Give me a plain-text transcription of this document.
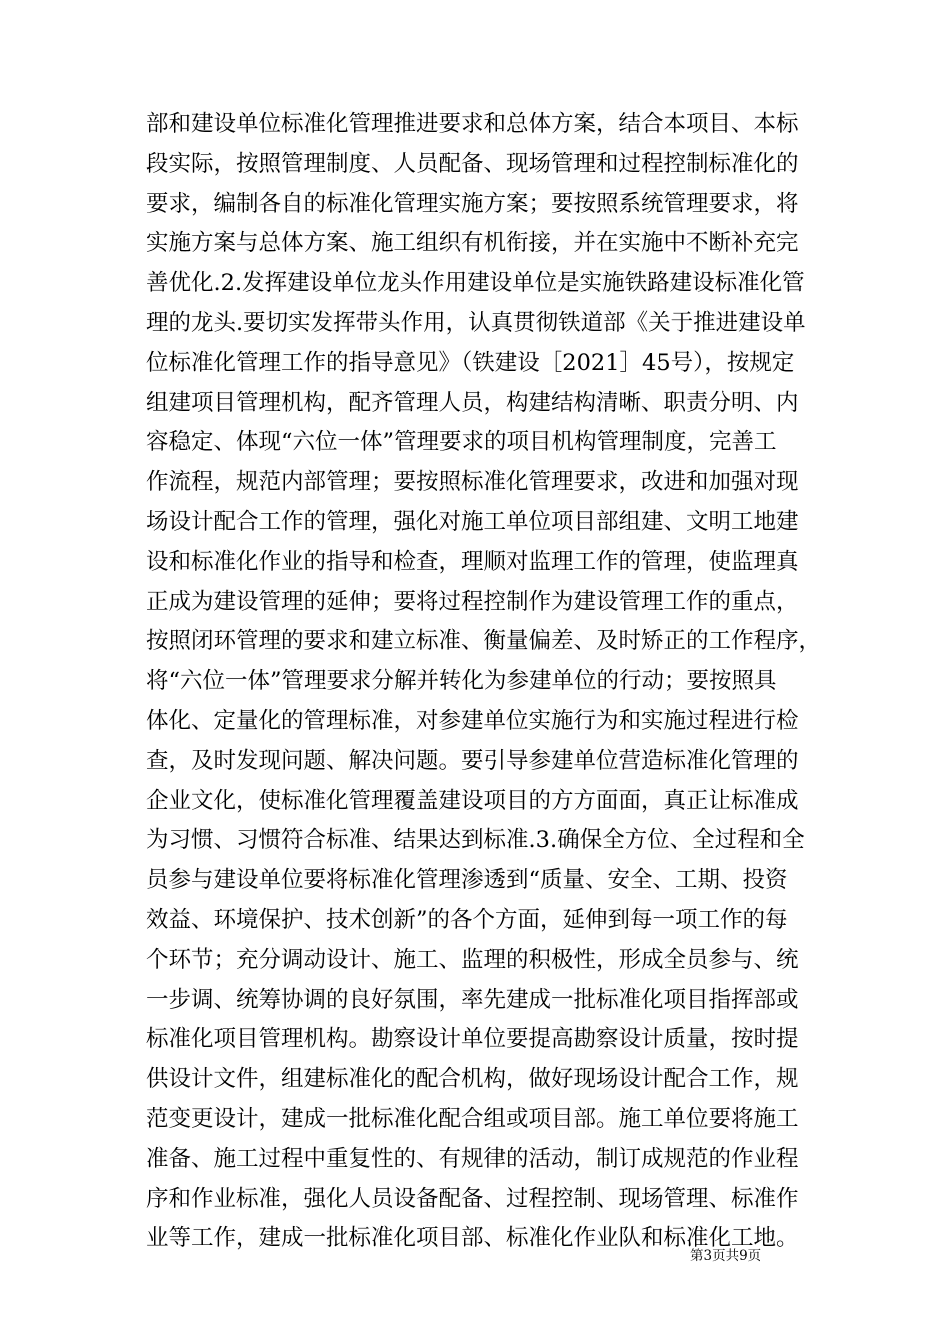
部和建设单位标准化管理推进要求和总体方案，结合本项目、本标
段实际，按照管理制度、人员配备、现场管理和过程控制标准化的
要求，编制各自的标准化管理实施方案；要按照系统管理要求，将
实施方案与总体方案、施工组织有机衔接，并在实施中不断补充完
善优化.2.发挥建设单位龙头作用建设单位是实施铁路建设标准化管
理的龙头.要切实发挥带头作用，认真贯彻铁道部《关于推进建设单
位标准化管理工作的指导意见》（铁建设［2021］45号），按规定
组建项目管理机构，配齐管理人员，构建结构清晰、职责分明、内
容稳定、体现“六位一体”管理要求的项目机构管理制度，完善工
作流程，规范内部管理；要按照标准化管理要求，改进和加强对现
场设计配合工作的管理，强化对施工单位项目部组建、文明工地建
设和标准化作业的指导和检查，理顺对监理工作的管理，使监理真
正成为建设管理的延伸；要将过程控制作为建设管理工作的重点，
按照闭环管理的要求和建立标准、衡量偏差、及时矫正的工作程序，
将“六位一体”管理要求分解并转化为参建单位的行动；要按照具
体化、定量化的管理标准，对参建单位实施行为和实施过程进行检
查，及时发现问题、解决问题。要引导参建单位营造标准化管理的
企业文化，使标准化管理覆盖建设项目的方方面面，真正让标准成
为习惯、习惯符合标准、结果达到标准.3.确保全方位、全过程和全
员参与建设单位要将标准化管理渗透到“质量、安全、工期、投资
效益、环境保护、技术创新”的各个方面，延伸到每一项工作的每
个环节；充分调动设计、施工、监理的积极性，形成全员参与、统
一步调、统筹协调的良好氛围，率先建成一批标准化项目指挥部或
标准化项目管理机构。勘察设计单位要提高勘察设计质量，按时提
供设计文件，组建标准化的配合机构，做好现场设计配合工作，规
范变更设计，建成一批标准化配合组或项目部。施工单位要将施工
准备、施工过程中重复性的、有规律的活动，制订成规范的作业程
序和作业标准，强化人员设备配备、过程控制、现场管理、标准作
业等工作，建成一批标准化项目部、标准化作业队和标准化工地。
第3页共9页
